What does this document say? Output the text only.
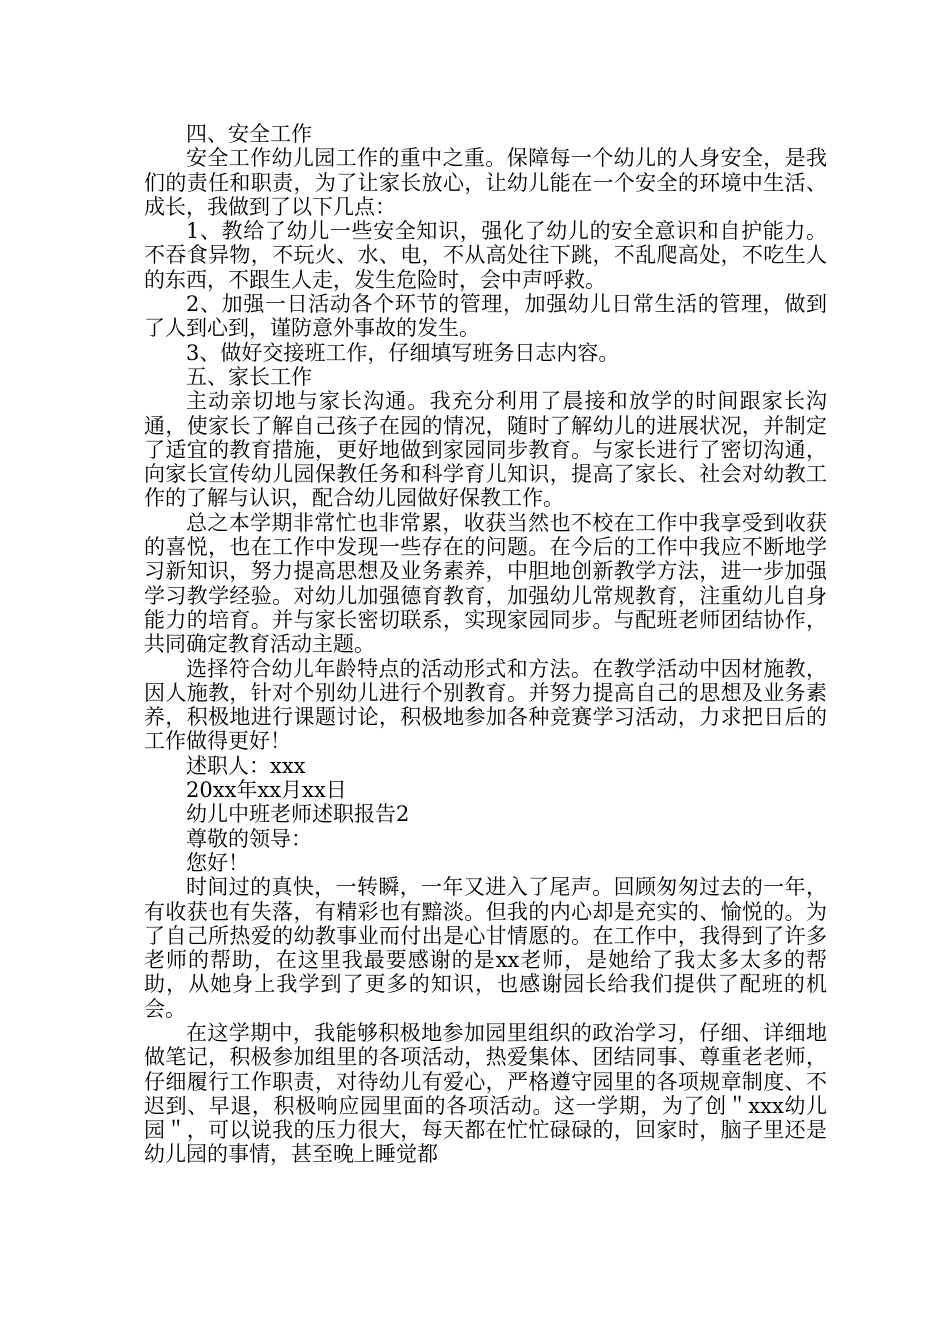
四、安全工作

安全工作幼儿园工作的重中之重。保障每一个幼儿的人身安全，是我们的责任和职责，为了让家长放心，让幼儿能在一个安全的环境中生活、成长，我做到了以下几点：

1、教给了幼儿一些安全知识，强化了幼儿的安全意识和自护能力。不吞食异物，不玩火、水、电，不从高处往下跳，不乱爬高处，不吃生人的东西，不跟生人走，发生危险时，会中声呼救。

2、加强一日活动各个环节的管理，加强幼儿日常生活的管理，做到了人到心到，谨防意外事故的发生。

3、做好交接班工作，仔细填写班务日志内容。

五、家长工作

主动亲切地与家长沟通。我充分利用了晨接和放学的时间跟家长沟通，使家长了解自己孩子在园的情况，随时了解幼儿的进展状况，并制定了适宜的教育措施，更好地做到家园同步教育。与家长进行了密切沟通，向家长宣传幼儿园保教任务和科学育儿知识，提高了家长、社会对幼教工作的了解与认识，配合幼儿园做好保教工作。

总之本学期非常忙也非常累，收获当然也不校在工作中我享受到收获的喜悦，也在工作中发现一些存在的问题。在今后的工作中我应不断地学习新知识，努力提高思想及业务素养，中胆地创新教学方法，进一步加强学习教学经验。对幼儿加强德育教育，加强幼儿常规教育，注重幼儿自身能力的培育。并与家长密切联系，实现家园同步。与配班老师团结协作，共同确定教育活动主题。

选择符合幼儿年龄特点的活动形式和方法。在教学活动中因材施教，因人施教，针对个别幼儿进行个别教育。并努力提高自己的思想及业务素养，积极地进行课题讨论，积极地参加各种竞赛学习活动，力求把日后的工作做得更好！

述职人：xxx

20xx年xx月xx日

幼儿中班老师述职报告2

尊敬的领导：

您好！

时间过的真快，一转瞬，一年又进入了尾声。回顾匆匆过去的一年，有收获也有失落，有精彩也有黯淡。但我的内心却是充实的、愉悦的。为了自己所热爱的幼教事业而付出是心甘情愿的。在工作中，我得到了许多老师的帮助，在这里我最要感谢的是xx老师，是她给了我太多太多的帮助，从她身上我学到了更多的知识，也感谢园长给我们提供了配班的机会。

在这学期中，我能够积极地参加园里组织的政治学习，仔细、详细地做笔记，积极参加组里的各项活动，热爱集体、团结同事、尊重老老师，仔细履行工作职责，对待幼儿有爱心，严格遵守园里的各项规章制度、不迟到、早退，积极响应园里面的各项活动。这一学期，为了创＂xxx幼儿园＂，可以说我的压力很大，每天都在忙忙碌碌的，回家时，脑子里还是幼儿园的事情，甚至晚上睡觉都
